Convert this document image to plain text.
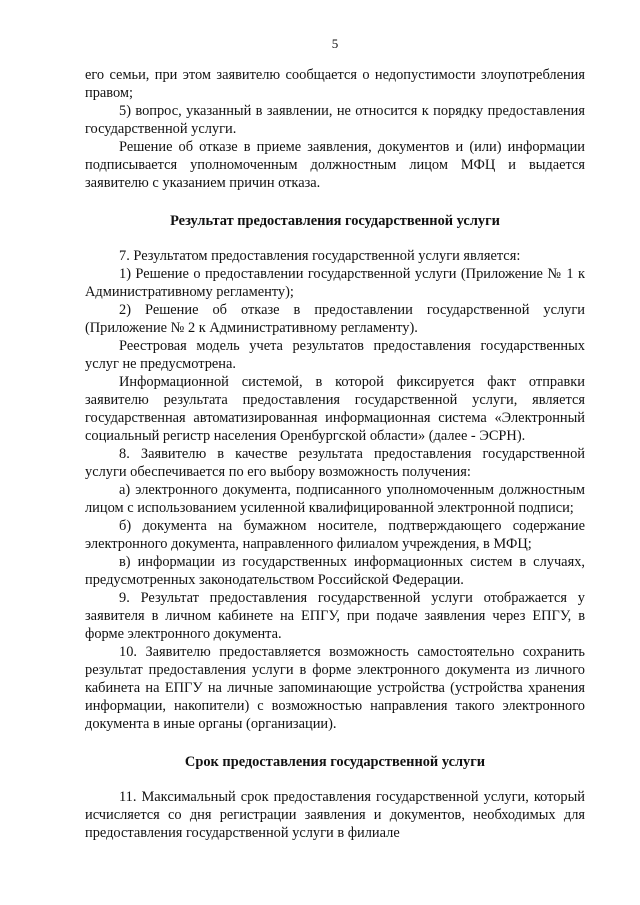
5

его семьи, при этом заявителю сообщается о недопустимости злоупотребления правом;

5) вопрос, указанный в заявлении, не относится к порядку предоставления государственной услуги.

Решение об отказе в приеме заявления, документов и (или) информации подписывается уполномоченным должностным лицом МФЦ и выдается заявителю с указанием причин отказа.

Результат предоставления государственной услуги

7. Результатом предоставления государственной услуги является:

1) Решение о предоставлении государственной услуги (Приложение № 1 к Административному регламенту);

2) Решение об отказе в предоставлении государственной услуги (Приложение № 2 к Административному регламенту).

Реестровая модель учета результатов предоставления государственных услуг не предусмотрена.

Информационной системой, в которой фиксируется факт отправки заявителю результата предоставления государственной услуги, является государственная автоматизированная информационная система «Электронный социальный регистр населения Оренбургской области» (далее - ЭСРН).

8. Заявителю в качестве результата предоставления государственной услуги обеспечивается по его выбору возможность получения:

а) электронного документа, подписанного уполномоченным должностным лицом с использованием усиленной квалифицированной электронной подписи;

б) документа на бумажном носителе, подтверждающего содержание электронного документа, направленного филиалом учреждения, в МФЦ;

в) информации из государственных информационных систем в случаях, предусмотренных законодательством Российской Федерации.

9. Результат предоставления государственной услуги отображается у заявителя в личном кабинете на ЕПГУ, при подаче заявления через ЕПГУ, в форме электронного документа.

10. Заявителю предоставляется возможность самостоятельно сохранить результат предоставления услуги в форме электронного документа из личного кабинета на ЕПГУ на личные запоминающие устройства (устройства хранения информации, накопители) с возможностью направления такого электронного документа в иные органы (организации).

Срок предоставления государственной услуги

11. Максимальный срок предоставления государственной услуги, который исчисляется со дня регистрации заявления и документов, необходимых для предоставления государственной услуги в филиале
